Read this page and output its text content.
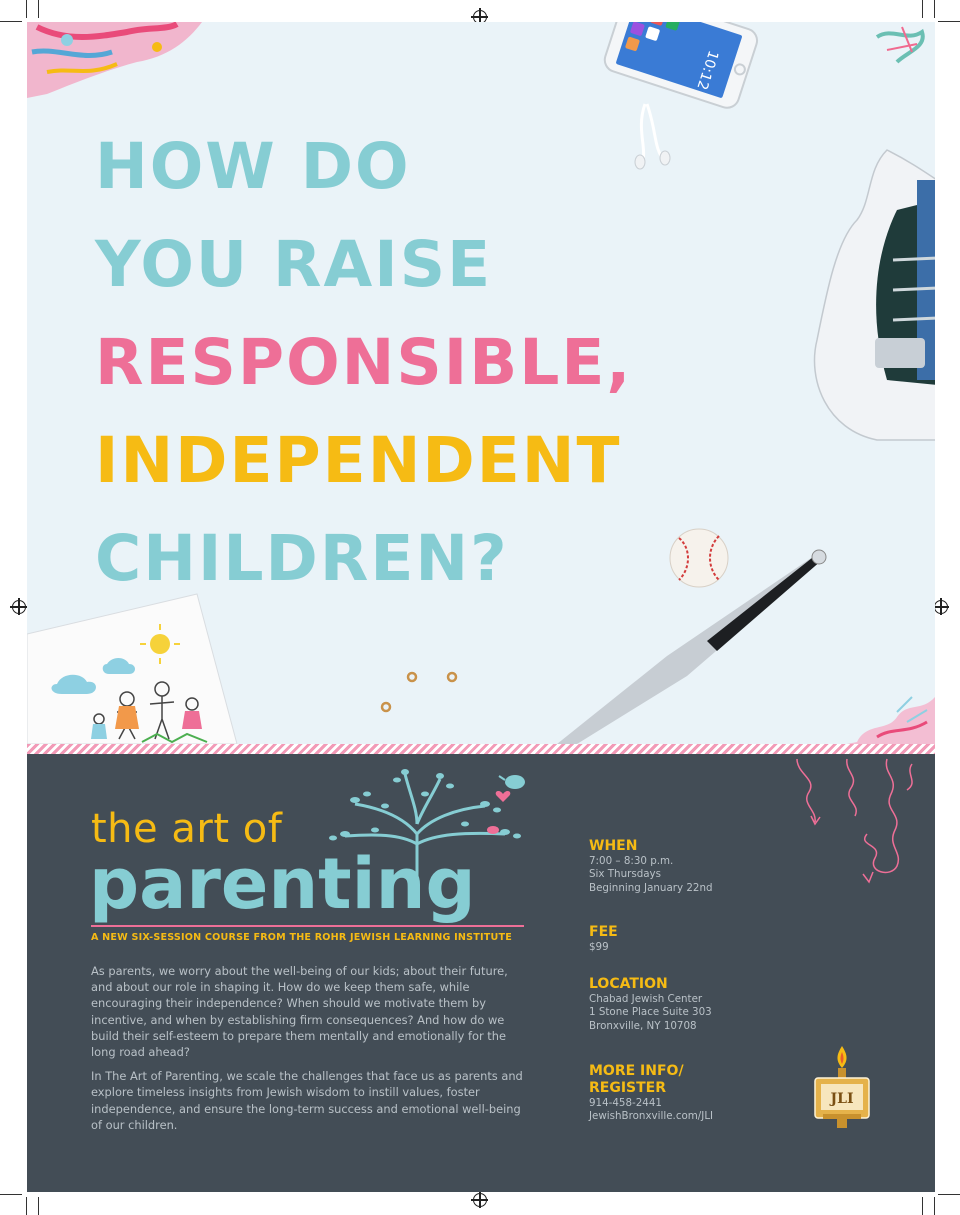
10:12
HOW DO
YOU RAISE
RESPONSIBLE,
INDEPENDENT
CHILDREN?
the art of
parenting
A NEW SIX-SESSION COURSE FROM THE ROHR JEWISH LEARNING INSTITUTE

As parents, we worry about the well-being of our kids; about their future, and about our role in shaping it. How do we keep them safe, while encouraging their independence? When should we motivate them by incentive, and when by establishing firm consequences? And how do we build their self-esteem to prepare them mentally and emotionally for the long road ahead?

In The Art of Parenting, we scale the challenges that face us as parents and explore timeless insights from Jewish wisdom to instill values, foster independence, and ensure the long-term success and emotional well-being of our children.

WHEN
7:00 – 8:30 p.m.
Six Thursdays
Beginning January 22nd
FEE
$99
LOCATION
Chabad Jewish Center
1 Stone Place Suite 303
Bronxville, NY 10708
MORE INFO/
REGISTER
914-458-2441
JewishBronxville.com/JLI
JLI
